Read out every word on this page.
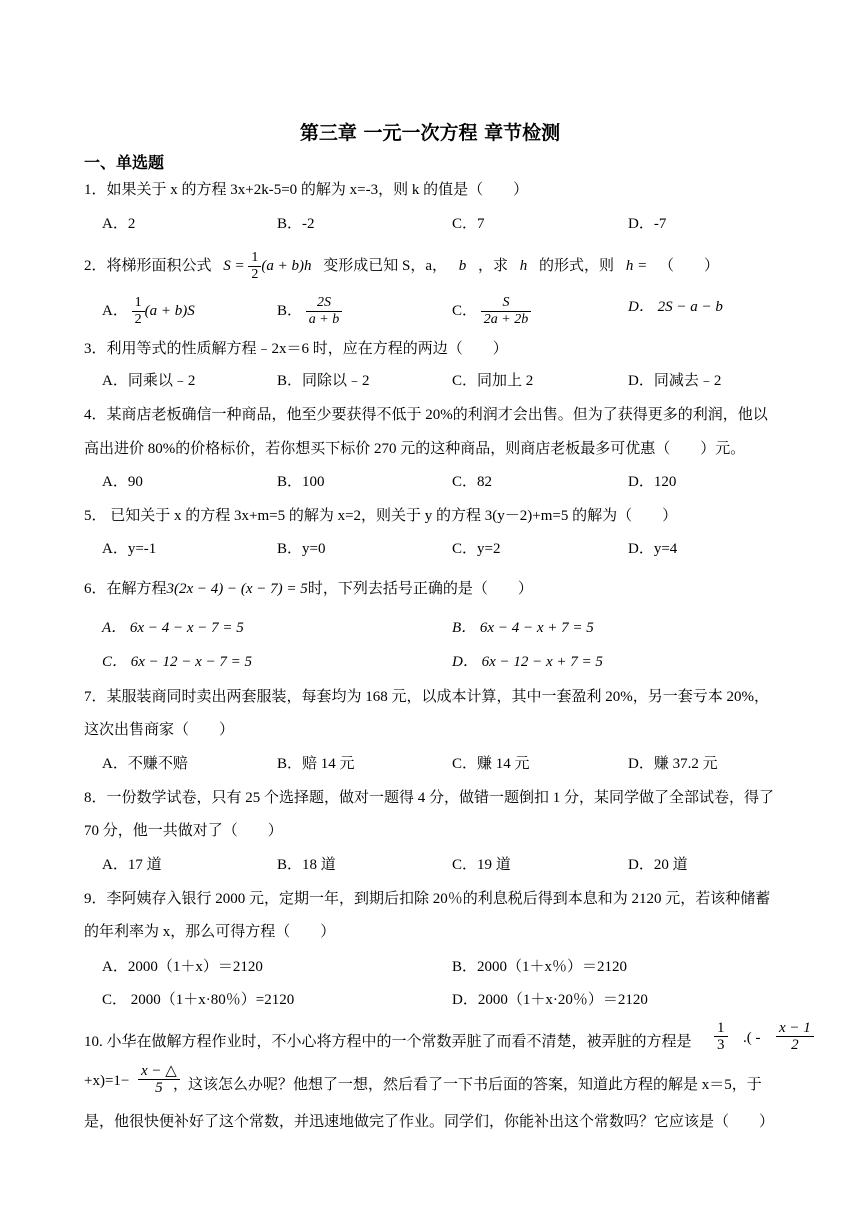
第三章 一元一次方程 章节检测
一、单选题
1．如果关于 x 的方程 3x+2k-5=0 的解为 x=-3，则 k 的值是（　　）
A．2	B．-2	C．7	D．-7
2．将梯形面积公式 $S = \frac{1}{2} (a + b)h$ 变形成已知 S，a， b ，求 h 的形式，则 h = （　　）
A． $\frac{1}{2} (a + b)S$	B． $\frac{2S}{a + b}$	C． $\frac{S}{2a + 2b}$	D． 2S − a − b
3．利用等式的性质解方程﹣2x＝6 时，应在方程的两边（　　）
A．同乘以﹣2	B．同除以﹣2	C．同加上 2	D．同减去﹣2
4．某商店老板确信一种商品，他至少要获得不低于 20%的利润才会出售。但为了获得更多的利润，他以
高出进价 80%的价格标价，若你想买下标价 270 元的这种商品，则商店老板最多可优惠（　　）元。
A．90	B．100	C．82	D．120
5． 已知关于 x 的方程 3x+m=5 的解为 x=2，则关于 y 的方程 3(y－2)+m=5 的解为（　　）
A．y=-1	B．y=0	C．y=2	D．y=4
6．在解方程3(2x − 4) − (x − 7) = 5时，下列去括号正确的是（　　）
A． 6x − 4 − x − 7 = 5	B． 6x − 4 − x + 7 = 5
C． 6x − 12 − x − 7 = 5	D． 6x − 12 − x + 7 = 5
7．某服装商同时卖出两套服装，每套均为 168 元，以成本计算，其中一套盈利 20%，另一套亏本 20%，
这次出售商家（　　）
A．不赚不赔	B．赔 14 元	C．赚 14 元	D．赚 37.2 元
8．一份数学试卷，只有 25 个选择题，做对一题得 4 分，做错一题倒扣 1 分，某同学做了全部试卷，得了
70 分，他一共做对了（　　）
A．17 道	B．18 道	C．19 道	D．20 道
9．李阿姨存入银行 2000 元，定期一年，到期后扣除 20％的利息税后得到本息和为 2120 元，若该种储蓄
的年利率为 x，那么可得方程（　　）
A．2000（1＋x）＝2120	B．2000（1＋x％）＝2120
C． 2000（1＋x·80％）=2120	D．2000（1＋x·20％）＝2120
10. 小华在做解方程作业时，不小心将方程中的一个常数弄脏了而看不清楚，被弄脏的方程是 $\frac{1}{3}$ .( - $\frac{x - 1}{2}$
$+x)=1- \frac{x - \triangle}{5}$
，这该怎么办呢？他想了一想，然后看了一下书后面的答案，知道此方程的解是 x＝5，于
是，他很快便补好了这个常数，并迅速地做完了作业。同学们，你能补出这个常数吗？它应该是（　　）
